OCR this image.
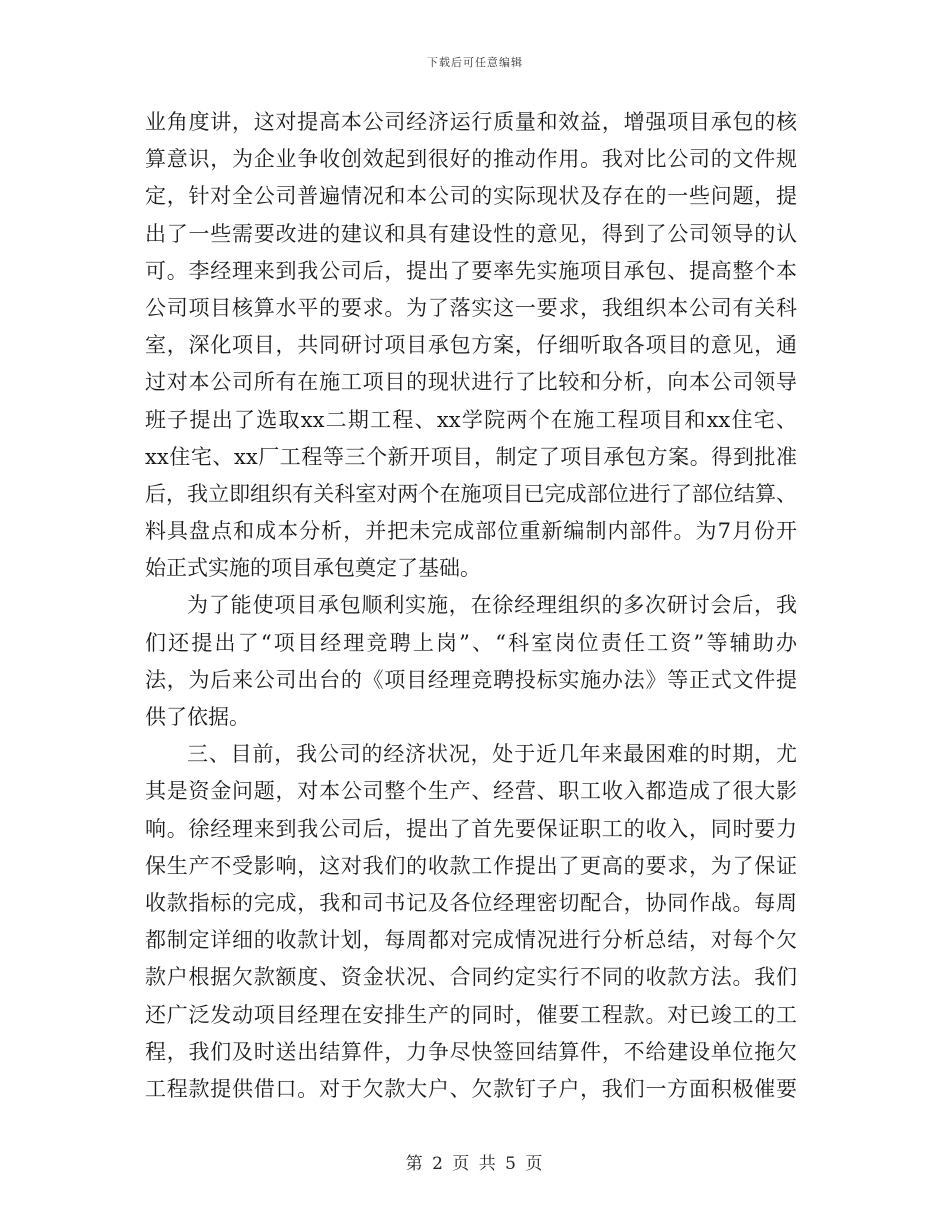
下载后可任意编辑
业角度讲，这对提高本公司经济运行质量和效益，增强项目承包的核
算意识，为企业争收创效起到很好的推动作用。我对比公司的文件规
定，针对全公司普遍情况和本公司的实际现状及存在的一些问题，提
出了一些需要改进的建议和具有建设性的意见，得到了公司领导的认
可。李经理来到我公司后，提出了要率先实施项目承包、提高整个本
公司项目核算水平的要求。为了落实这一要求，我组织本公司有关科
室，深化项目，共同研讨项目承包方案，仔细听取各项目的意见，通
过对本公司所有在施工项目的现状进行了比较和分析，向本公司领导
班子提出了选取xx二期工程、xx学院两个在施工程项目和xx住宅、
xx住宅、xx厂工程等三个新开项目，制定了项目承包方案。得到批准
后，我立即组织有关科室对两个在施项目已完成部位进行了部位结算、
料具盘点和成本分析，并把未完成部位重新编制内部件。为7月份开
始正式实施的项目承包奠定了基础。
为了能使项目承包顺利实施，在徐经理组织的多次研讨会后，我
们还提出了“项目经理竞聘上岗”、“科室岗位责任工资”等辅助办
法，为后来公司出台的《项目经理竞聘投标实施办法》等正式文件提
供了依据。
三、目前，我公司的经济状况，处于近几年来最困难的时期，尤
其是资金问题，对本公司整个生产、经营、职工收入都造成了很大影
响。徐经理来到我公司后，提出了首先要保证职工的收入，同时要力
保生产不受影响，这对我们的收款工作提出了更高的要求，为了保证
收款指标的完成，我和司书记及各位经理密切配合，协同作战。每周
都制定详细的收款计划，每周都对完成情况进行分析总结，对每个欠
款户根据欠款额度、资金状况、合同约定实行不同的收款方法。我们
还广泛发动项目经理在安排生产的同时，催要工程款。对已竣工的工
程，我们及时送出结算件，力争尽快签回结算件，不给建设单位拖欠
工程款提供借口。对于欠款大户、欠款钉子户，我们一方面积极催要
第 2 页 共 5 页
